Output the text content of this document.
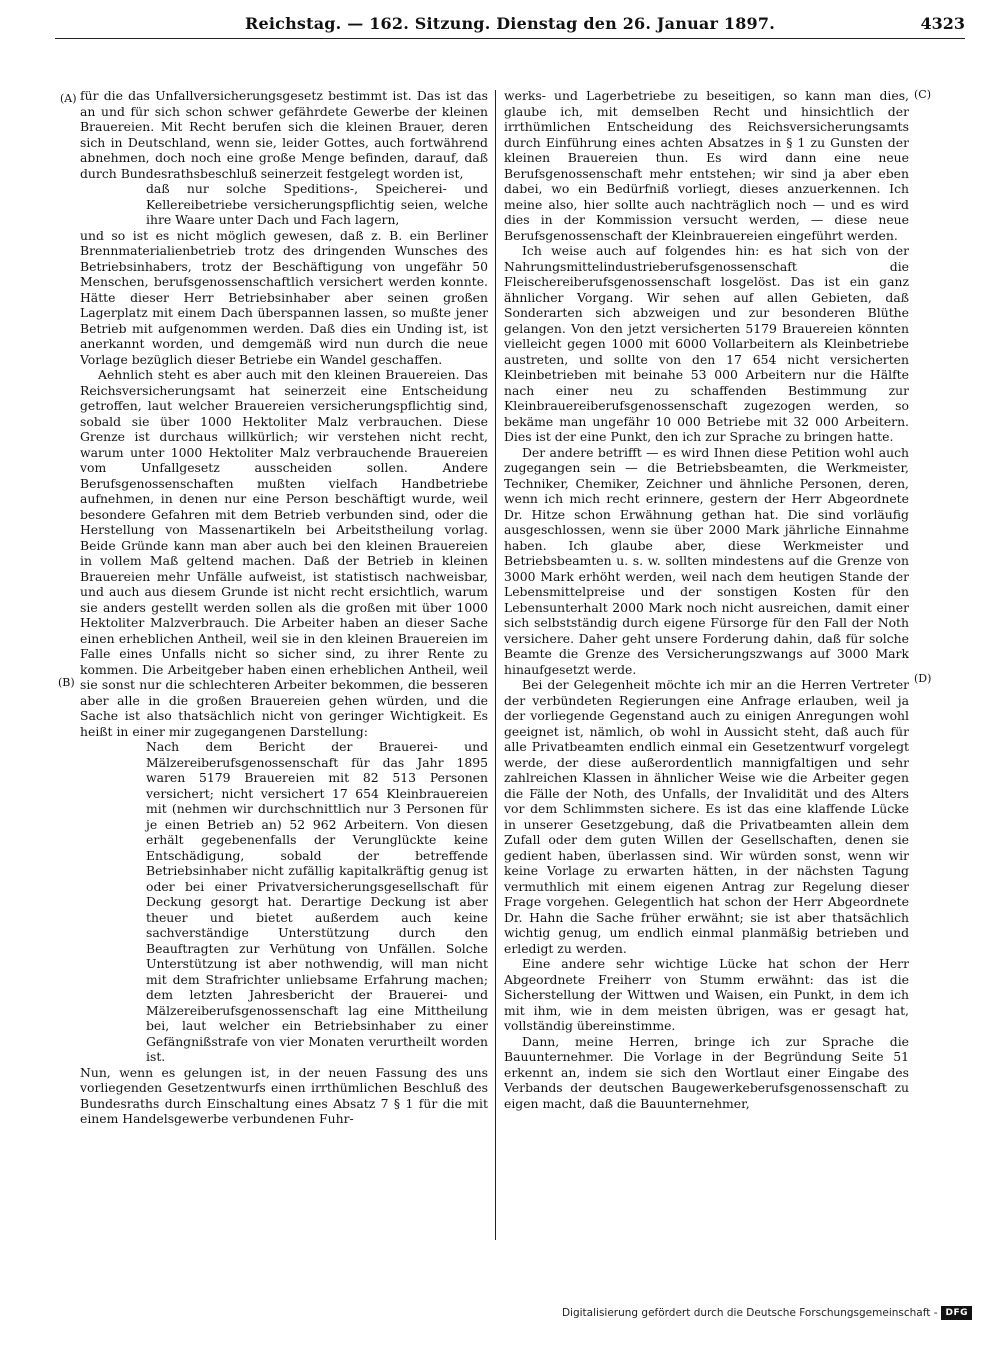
Reichstag. — 162. Sitzung. Dienstag den 26. Januar 1897.	4323
(A)
(B)
(C)
(D)

für die das Unfallversicherungsgesetz bestimmt ist. Das ist das an und für sich schon schwer gefährdete Gewerbe der kleinen Brauereien. Mit Recht berufen sich die kleinen Brauer, deren sich in Deutschland, wenn sie, leider Gottes, auch fortwährend abnehmen, doch noch eine große Menge befinden, darauf, daß durch Bundesrathsbeschluß seinerzeit festgelegt worden ist,

daß nur solche Speditions-, Speicherei- und Kellereibetriebe versicherungspflichtig seien, welche ihre Waare unter Dach und Fach lagern,

und so ist es nicht möglich gewesen, daß z. B. ein Berliner Brennmaterialienbetrieb trotz des dringenden Wunsches des Betriebsinhabers, trotz der Beschäftigung von ungefähr 50 Menschen, berufsgenossenschaftlich versichert werden konnte. Hätte dieser Herr Betriebsinhaber aber seinen großen Lagerplatz mit einem Dach überspannen lassen, so mußte jener Betrieb mit aufgenommen werden. Daß dies ein Unding ist, ist anerkannt worden, und demgemäß wird nun durch die neue Vorlage bezüglich dieser Betriebe ein Wandel geschaffen.

Aehnlich steht es aber auch mit den kleinen Brauereien. Das Reichsversicherungsamt hat seinerzeit eine Entscheidung getroffen, laut welcher Brauereien versicherungspflichtig sind, sobald sie über 1000 Hektoliter Malz verbrauchen. Diese Grenze ist durchaus willkürlich; wir verstehen nicht recht, warum unter 1000 Hektoliter Malz verbrauchende Brauereien vom Unfallgesetz ausscheiden sollen. Andere Berufsgenossenschaften mußten vielfach Handbetriebe aufnehmen, in denen nur eine Person beschäftigt wurde, weil besondere Gefahren mit dem Betrieb verbunden sind, oder die Herstellung von Massenartikeln bei Arbeitstheilung vorlag. Beide Gründe kann man aber auch bei den kleinen Brauereien in vollem Maß geltend machen. Daß der Betrieb in kleinen Brauereien mehr Unfälle aufweist, ist statistisch nachweisbar, und auch aus diesem Grunde ist nicht recht ersichtlich, warum sie anders gestellt werden sollen als die großen mit über 1000 Hektoliter Malzverbrauch. Die Arbeiter haben an dieser Sache einen erheblichen Antheil, weil sie in den kleinen Brauereien im Falle eines Unfalls nicht so sicher sind, zu ihrer Rente zu kommen. Die Arbeitgeber haben einen erheblichen Antheil, weil sie sonst nur die schlechteren Arbeiter bekommen, die besseren aber alle in die großen Brauereien gehen würden, und die Sache ist also thatsächlich nicht von geringer Wichtigkeit. Es heißt in einer mir zugegangenen Darstellung:

Nach dem Bericht der Brauerei- und Mälzereiberufsgenossenschaft für das Jahr 1895 waren 5179 Brauereien mit 82 513 Personen versichert; nicht versichert 17 654 Kleinbrauereien mit (nehmen wir durchschnittlich nur 3 Personen für je einen Betrieb an) 52 962 Arbeitern. Von diesen erhält gegebenenfalls der Verunglückte keine Entschädigung, sobald der betreffende Betriebsinhaber nicht zufällig kapitalkräftig genug ist oder bei einer Privatversicherungsgesellschaft für Deckung gesorgt hat. Derartige Deckung ist aber theuer und bietet außerdem auch keine sachverständige Unterstützung durch den Beauftragten zur Verhütung von Unfällen. Solche Unterstützung ist aber nothwendig, will man nicht mit dem Strafrichter unliebsame Erfahrung machen; dem letzten Jahresbericht der Brauerei- und Mälzereiberufsgenossenschaft lag eine Mittheilung bei, laut welcher ein Betriebsinhaber zu einer Gefängnißstrafe von vier Monaten verurtheilt worden ist.

Nun, wenn es gelungen ist, in der neuen Fassung des uns vorliegenden Gesetzentwurfs einen irrthümlichen Beschluß des Bundesraths durch Einschaltung eines Absatz 7 § 1 für die mit einem Handelsgewerbe verbundenen Fuhr-

werks- und Lagerbetriebe zu beseitigen, so kann man dies, glaube ich, mit demselben Recht und hinsichtlich der irrthümlichen Entscheidung des Reichsversicherungsamts durch Einführung eines achten Absatzes in § 1 zu Gunsten der kleinen Brauereien thun. Es wird dann eine neue Berufsgenossenschaft mehr entstehen; wir sind ja aber eben dabei, wo ein Bedürfniß vorliegt, dieses anzuerkennen. Ich meine also, hier sollte auch nachträglich noch — und es wird dies in der Kommission versucht werden, — diese neue Berufsgenossenschaft der Kleinbrauereien eingeführt werden.

Ich weise auch auf folgendes hin: es hat sich von der Nahrungsmittelindustrieberufsgenossenschaft die Fleischereiberufsgenossenschaft losgelöst. Das ist ein ganz ähnlicher Vorgang. Wir sehen auf allen Gebieten, daß Sonderarten sich abzweigen und zur besonderen Blüthe gelangen. Von den jetzt versicherten 5179 Brauereien könnten vielleicht gegen 1000 mit 6000 Vollarbeitern als Kleinbetriebe austreten, und sollte von den 17 654 nicht versicherten Kleinbetrieben mit beinahe 53 000 Arbeitern nur die Hälfte nach einer neu zu schaffenden Bestimmung zur Kleinbrauereiberufsgenossenschaft zugezogen werden, so bekäme man ungefähr 10 000 Betriebe mit 32 000 Arbeitern. Dies ist der eine Punkt, den ich zur Sprache zu bringen hatte.

Der andere betrifft — es wird Ihnen diese Petition wohl auch zugegangen sein — die Betriebsbeamten, die Werkmeister, Techniker, Chemiker, Zeichner und ähnliche Personen, deren, wenn ich mich recht erinnere, gestern der Herr Abgeordnete Dr. Hitze schon Erwähnung gethan hat. Die sind vorläufig ausgeschlossen, wenn sie über 2000 Mark jährliche Einnahme haben. Ich glaube aber, diese Werkmeister und Betriebsbeamten u. s. w. sollten mindestens auf die Grenze von 3000 Mark erhöht werden, weil nach dem heutigen Stande der Lebensmittelpreise und der sonstigen Kosten für den Lebensunterhalt 2000 Mark noch nicht ausreichen, damit einer sich selbstständig durch eigene Fürsorge für den Fall der Noth versichere. Daher geht unsere Forderung dahin, daß für solche Beamte die Grenze des Versicherungszwangs auf 3000 Mark hinaufgesetzt werde.

Bei der Gelegenheit möchte ich mir an die Herren Vertreter der verbündeten Regierungen eine Anfrage erlauben, weil ja der vorliegende Gegenstand auch zu einigen Anregungen wohl geeignet ist, nämlich, ob wohl in Aussicht steht, daß auch für alle Privatbeamten endlich einmal ein Gesetzentwurf vorgelegt werde, der diese außerordentlich mannigfaltigen und sehr zahlreichen Klassen in ähnlicher Weise wie die Arbeiter gegen die Fälle der Noth, des Unfalls, der Invalidität und des Alters vor dem Schlimmsten sichere. Es ist das eine klaffende Lücke in unserer Gesetzgebung, daß die Privatbeamten allein dem Zufall oder dem guten Willen der Gesellschaften, denen sie gedient haben, überlassen sind. Wir würden sonst, wenn wir keine Vorlage zu erwarten hätten, in der nächsten Tagung vermuthlich mit einem eigenen Antrag zur Regelung dieser Frage vorgehen. Gelegentlich hat schon der Herr Abgeordnete Dr. Hahn die Sache früher erwähnt; sie ist aber thatsächlich wichtig genug, um endlich einmal planmäßig betrieben und erledigt zu werden.

Eine andere sehr wichtige Lücke hat schon der Herr Abgeordnete Freiherr von Stumm erwähnt: das ist die Sicherstellung der Wittwen und Waisen, ein Punkt, in dem ich mit ihm, wie in dem meisten übrigen, was er gesagt hat, vollständig übereinstimme.

Dann, meine Herren, bringe ich zur Sprache die Bauunternehmer. Die Vorlage in der Begründung Seite 51 erkennt an, indem sie sich den Wortlaut einer Eingabe des Verbands der deutschen Baugewerkeberufsgenossenschaft zu eigen macht, daß die Bauunternehmer,

Digitalisierung gefördert durch die Deutsche Forschungsgemeinschaft - DFG
